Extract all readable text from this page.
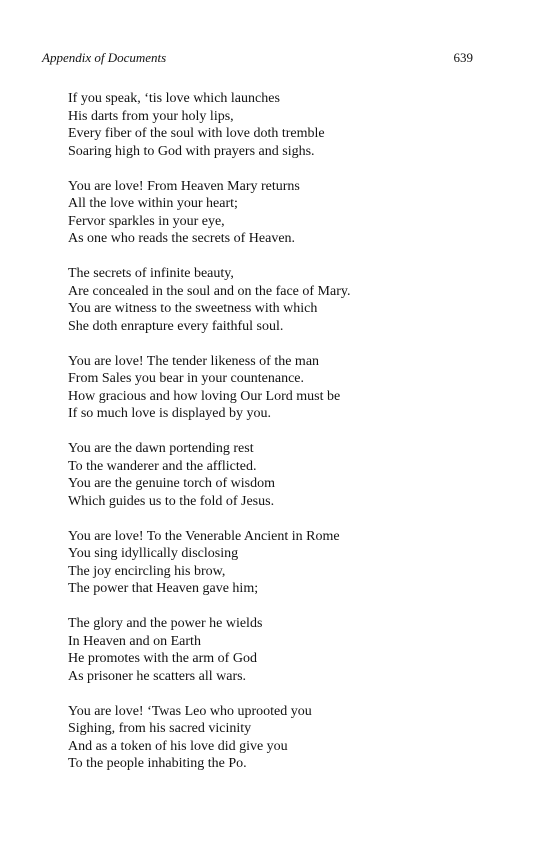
Appendix of Documents	639
If you speak, ‘tis love which launches
His darts from your holy lips,
Every fiber of the soul with love doth tremble
Soaring high to God with prayers and sighs.
You are love! From Heaven Mary returns
All the love within your heart;
Fervor sparkles in your eye,
As one who reads the secrets of Heaven.
The secrets of infinite beauty,
Are concealed in the soul and on the face of Mary.
You are witness to the sweetness with which
She doth enrapture every faithful soul.
You are love! The tender likeness of the man
From Sales you bear in your countenance.
How gracious and how loving Our Lord must be
If so much love is displayed by you.
You are the dawn portending rest
To the wanderer and the afflicted.
You are the genuine torch of wisdom
Which guides us to the fold of Jesus.
You are love! To the Venerable Ancient in Rome
You sing idyllically disclosing
The joy encircling his brow,
The power that Heaven gave him;
The glory and the power he wields
In Heaven and on Earth
He promotes with the arm of God
As prisoner he scatters all wars.
You are love! ‘Twas Leo who uprooted you
Sighing, from his sacred vicinity
And as a token of his love did give you
To the people inhabiting the Po.
